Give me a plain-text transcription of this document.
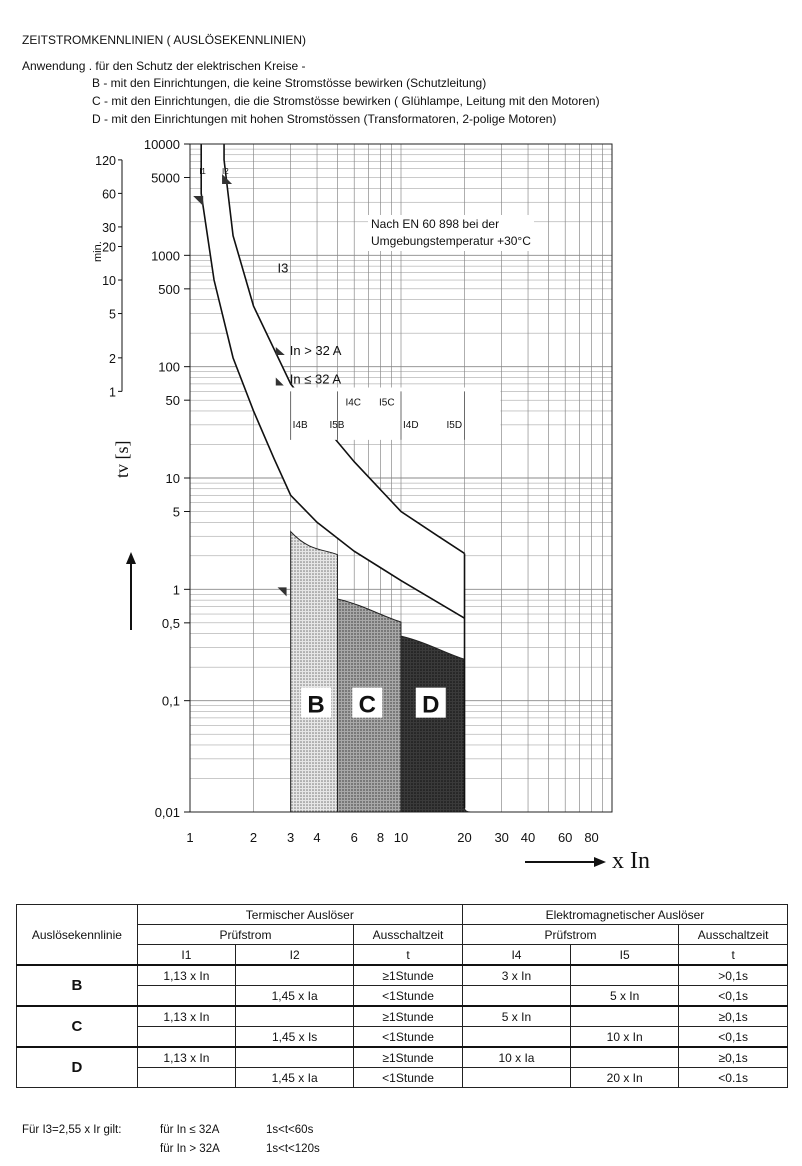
ZEITSTROMKENNLINIEN ( AUSLÖSEKENNLINIEN)
Anwendung . für den Schutz der elektrischen Kreise -
B - mit den Einrichtungen, die keine Stromstösse bewirken (Schutzleitung)
C - mit den Einrichtungen, die die Stromstösse bewirken ( Glühlampe, Leitung mit den Motoren)
D - mit den Einrichtungen mit hohen Stromstössen (Transformatoren, 2-polige Motoren)
0,01
0,1
0,5
1
5
10
50
100
500
1000
5000
10000
1
2
5
10
20
30
60
120
1	2 3 4 6 8 10	20 30 40 60 80
B C D
I1 I2
I3
In > 32 A
In ≤ 32 A
I4B I5B
I4C I5C
I4D	I5D
Nach EN 60 898 bei der
Umgebungstemperatur +30°C
x In
tv [s]
min.
Auslösekennlinie	Termischer Auslöser			Elektromagnetischer Auslöser		
	Prüfstrom		Ausschaltzeit	Prüfstrom		Ausschaltzeit
	I1	I2	t	I4	I5	t
B	1,13 x In		≥1Stunde	3 x In		>0,1s
		1,45 x Ia	<1Stunde		5 x In	<0,1s
C	1,13 x In		≥1Stunde	5 x In		≥0,1s
		1,45 x Is	<1Stunde		10 x In	<0,1s
D	1,13 x In		≥1Stunde	10 x Ia		≥0,1s
		1,45 x Ia	<1Stunde		20 x In	<0.1s
Für I3=2,55 x Ir gilt:	für In ≤ 32A	1s<t<60s
für In > 32A	1s<t<120s
